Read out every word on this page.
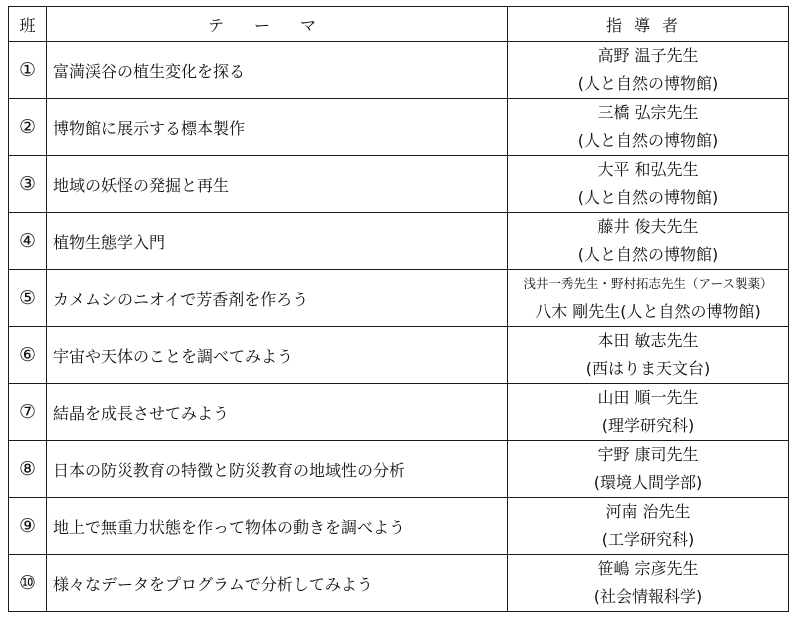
班	テーマ	指導者
①	富満渓谷の植生変化を探る	高野 温子先生
(人と自然の博物館)

②	博物館に展示する標本製作	三橋 弘宗先生
(人と自然の博物館)

③	地域の妖怪の発掘と再生	大平 和弘先生
(人と自然の博物館)

④	植物生態学入門	藤井 俊夫先生
(人と自然の博物館)

⑤	カメムシのニオイで芳香剤を作ろう	浅井一秀先生・野村拓志先生（アース製薬）
八木 剛先生(人と自然の博物館)

⑥	宇宙や天体のことを調べてみよう	本田 敏志先生
(西はりま天文台)

⑦	結晶を成長させてみよう	山田 順一先生
(理学研究科)

⑧	日本の防災教育の特徴と防災教育の地域性の分析	宇野 康司先生
(環境人間学部)

⑨	地上で無重力状態を作って物体の動きを調べよう	河南 治先生
(工学研究科)

⑩	様々なデータをプログラムで分析してみよう	笹嶋 宗彦先生
(社会情報科学)
